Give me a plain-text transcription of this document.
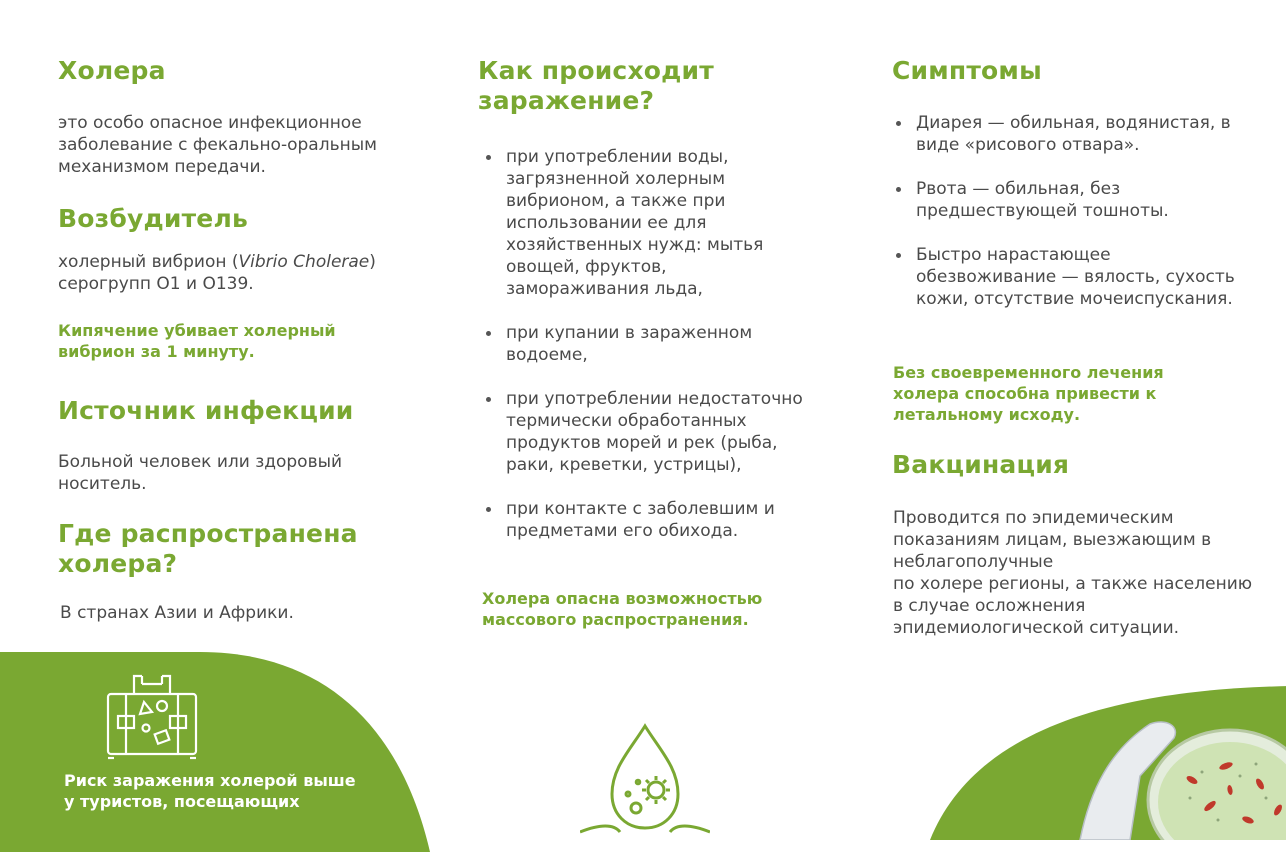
Холера

это особо опасное инфекционное заболевание с фекально-оральным механизмом передачи.

Возбудитель

холерный вибрион (Vibrio Cholerae) серогрупп О1 и О139.

Кипячение убивает холерный вибрион за 1 минуту.

Источник инфекции

Больной человек или здоровый носитель.

Где распространена холера?

В странах Азии и Африки.

Риск заражения холерой выше у туристов, посещающих

Как происходит заражение?

при употреблении воды, загрязненной холерным вибрионом, а также при использовании ее для хозяйственных нужд: мытья овощей, фруктов, замораживания льда,

при купании в зараженном водоеме,

при употреблении недостаточно термически обработанных продуктов морей и рек (рыба, раки, креветки, устрицы),

при контакте с заболевшим и предметами его обихода.

Холера опасна возможностью массового распространения.

Симптомы

Диарея — обильная, водянистая, в виде «рисового отвара».

Рвота — обильная, без предшествующей тошноты.

Быстро нарастающее обезвоживание — вялость, сухость кожи, отсутствие мочеиспускания.

Без своевременного лечения холера способна привести к летальному исходу.

Вакцинация

Проводится по эпидемическим показаниям лицам, выезжающим в неблагополучные
по холере регионы, а также населению в случае осложнения эпидемиологической ситуации.
